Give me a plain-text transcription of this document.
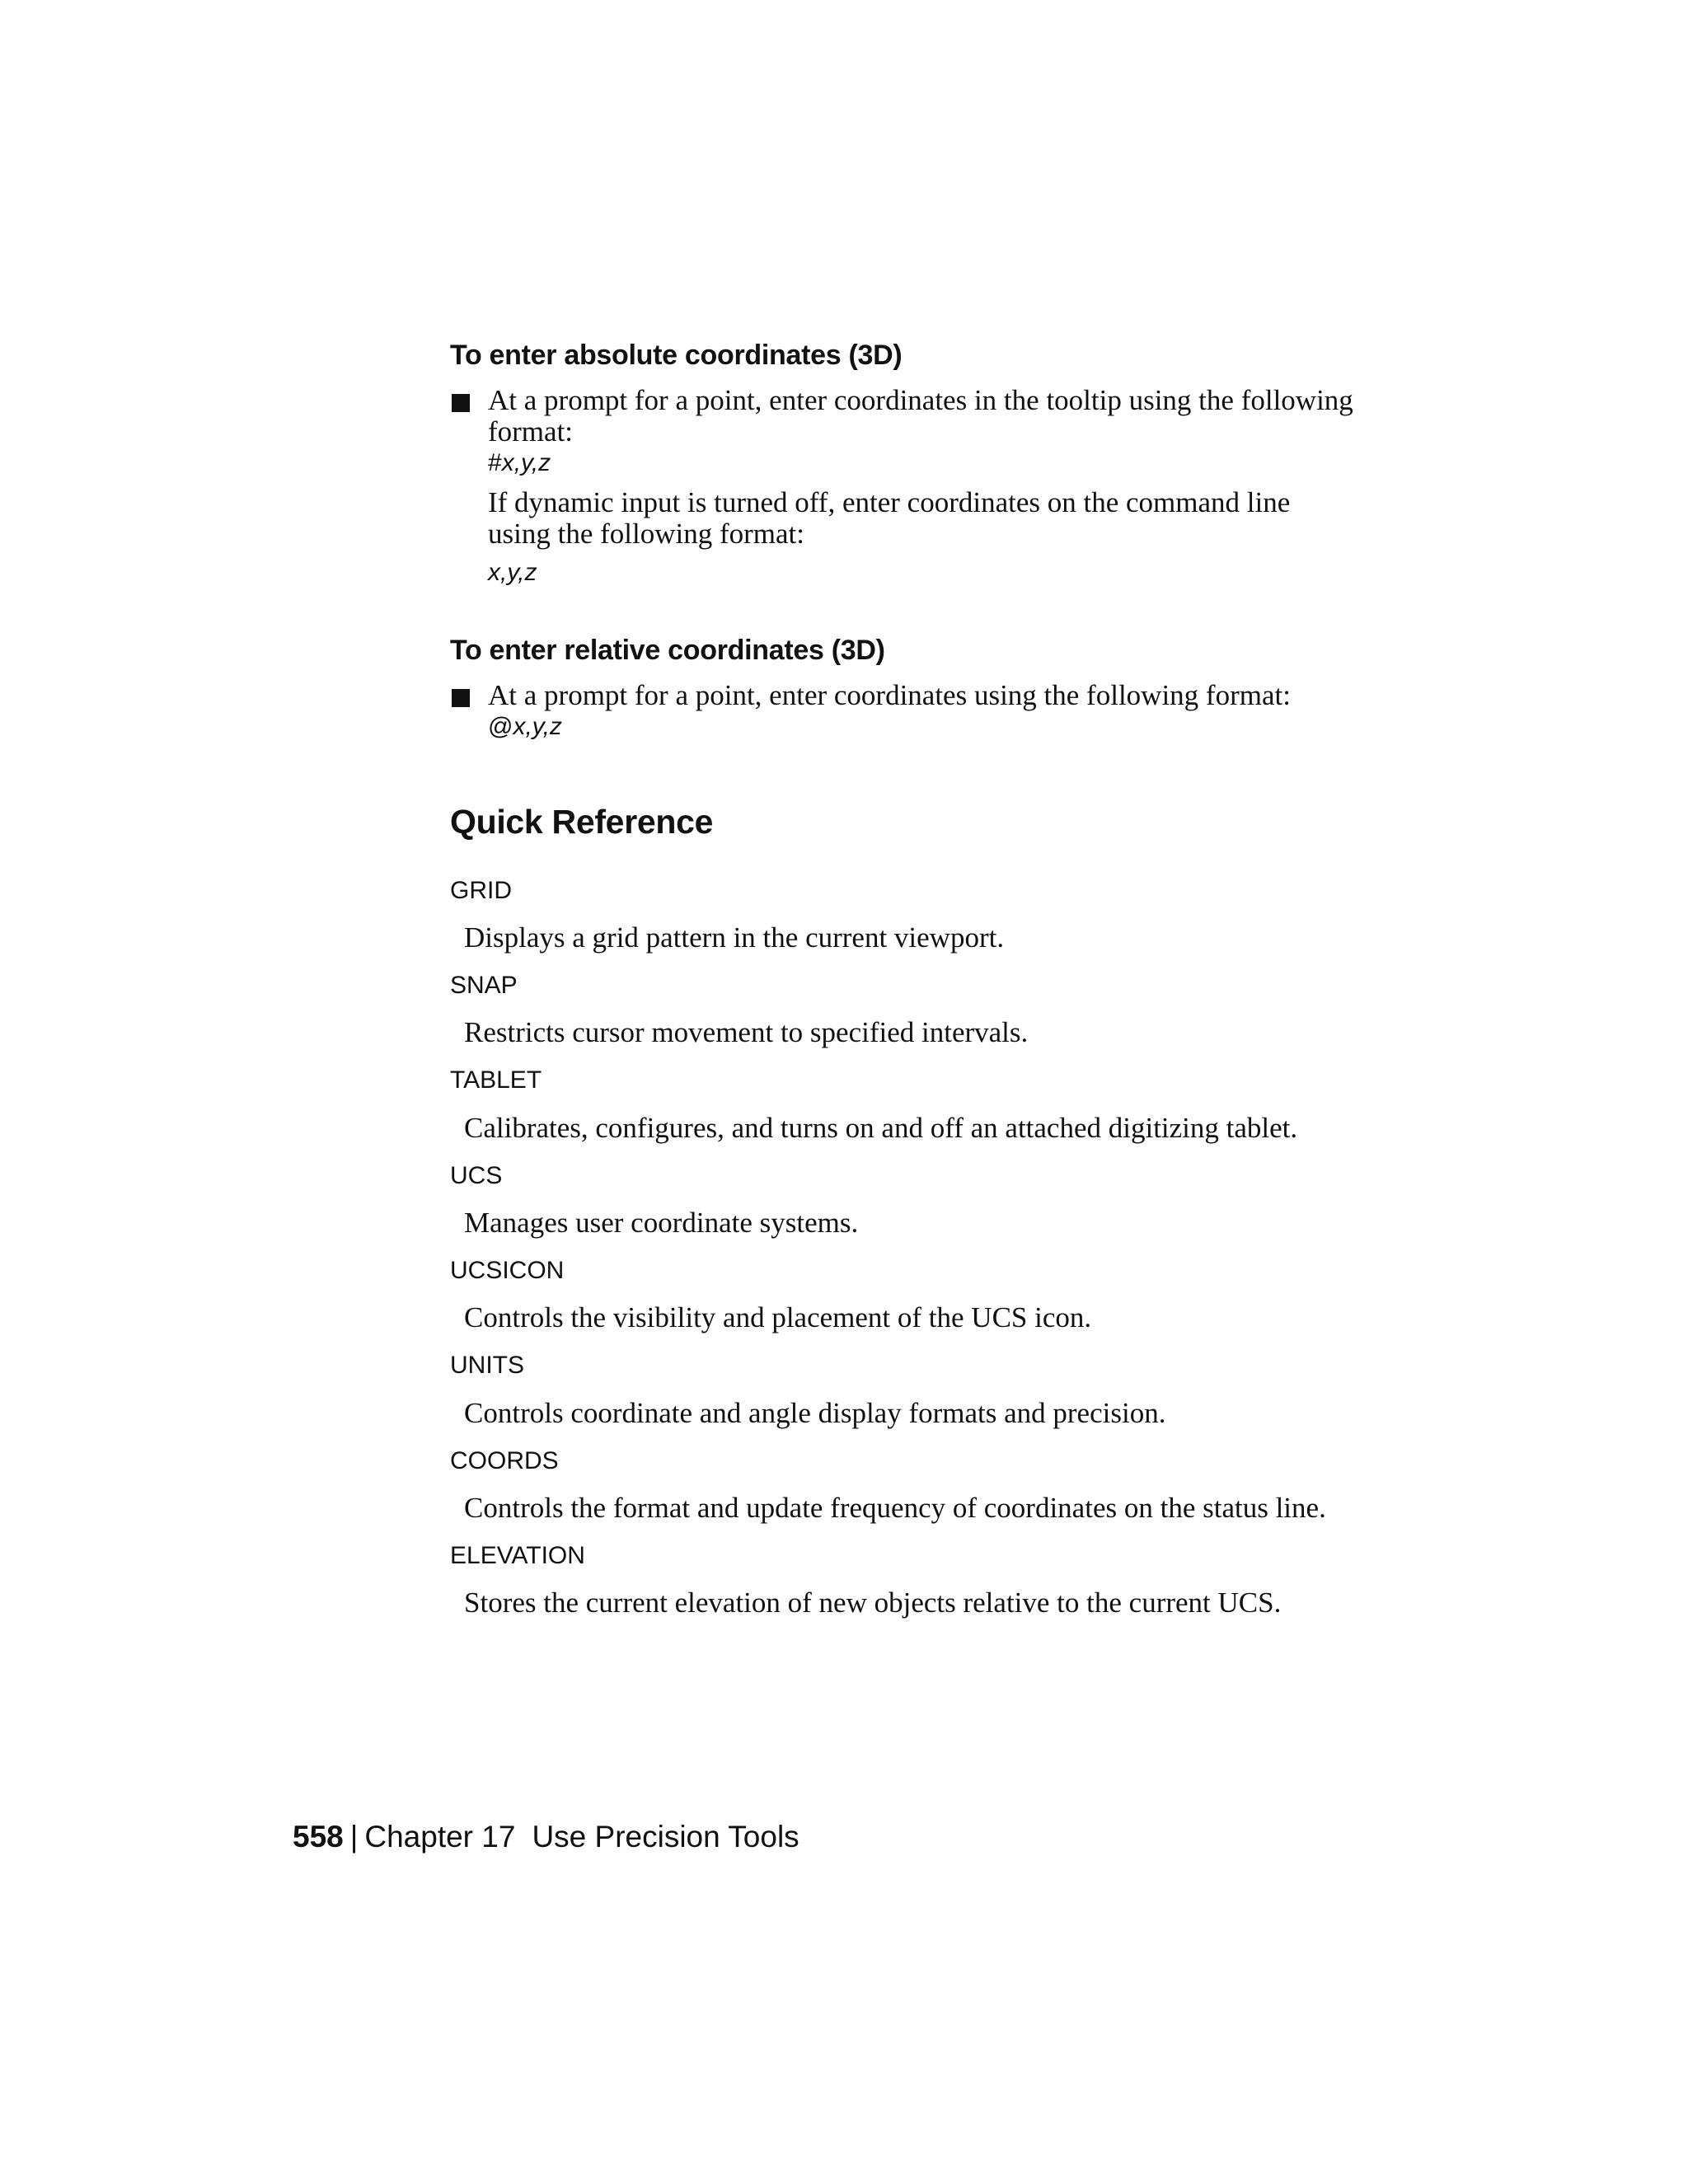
To enter absolute coordinates (3D)
At a prompt for a point, enter coordinates in the tooltip using the following
format:
#x,y,z
If dynamic input is turned off, enter coordinates on the command line
using the following format:
x,y,z
To enter relative coordinates (3D)
At a prompt for a point, enter coordinates using the following format:
@x,y,z
Quick Reference
GRID
Displays a grid pattern in the current viewport.
SNAP
Restricts cursor movement to specified intervals.
TABLET
Calibrates, configures, and turns on and off an attached digitizing tablet.
UCS
Manages user coordinate systems.
UCSICON
Controls the visibility and placement of the UCS icon.
UNITS
Controls coordinate and angle display formats and precision.
COORDS
Controls the format and update frequency of coordinates on the status line.
ELEVATION
Stores the current elevation of new objects relative to the current UCS.
558 | Chapter 17 Use Precision Tools
